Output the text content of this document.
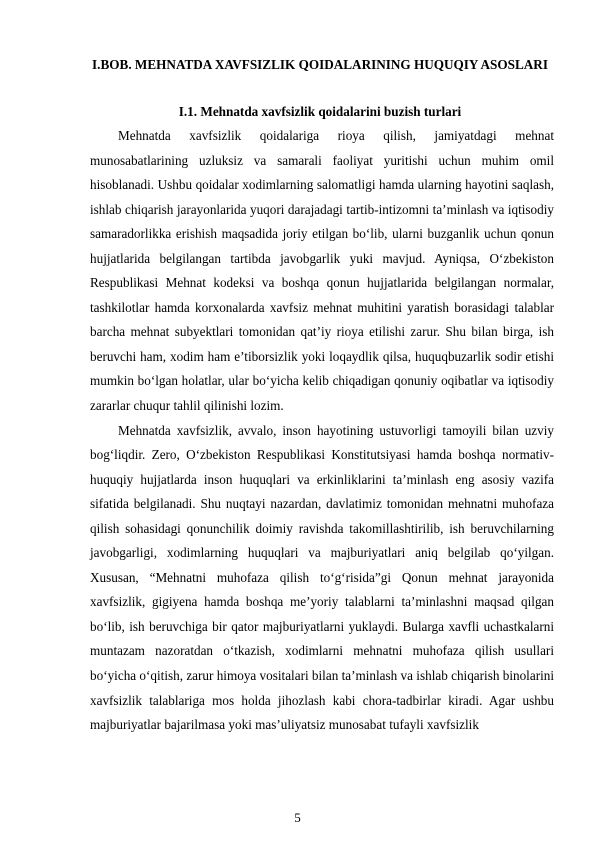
I.BOB. MEHNATDA XAVFSIZLIK QOIDALARINING HUQUQIY ASOSLARI
I.1. Mehnatda xavfsizlik qoidalarini buzish turlari

Mehnatda xavfsizlik qoidalariga rioya qilish, jamiyatdagi mehnat munosabatlarining uzluksiz va samarali faoliyat yuritishi uchun muhim omil hisoblanadi. Ushbu qoidalar xodimlarning salomatligi hamda ularning hayotini saqlash, ishlab chiqarish jarayonlarida yuqori darajadagi tartib-intizomni ta’minlash va iqtisodiy samaradorlikka erishish maqsadida joriy etilgan bo‘lib, ularni buzganlik uchun qonun hujjatlarida belgilangan tartibda javobgarlik yuki mavjud. Ayniqsa, O‘zbekiston Respublikasi Mehnat kodeksi va boshqa qonun hujjatlarida belgilangan normalar, tashkilotlar hamda korxonalarda xavfsiz mehnat muhitini yaratish borasidagi talablar barcha mehnat subyektlari tomonidan qat’iy rioya etilishi zarur. Shu bilan birga, ish beruvchi ham, xodim ham e’tiborsizlik yoki loqaydlik qilsa, huquqbuzarlik sodir etishi mumkin bo‘lgan holatlar, ular bo‘yicha kelib chiqadigan qonuniy oqibatlar va iqtisodiy zararlar chuqur tahlil qilinishi lozim.

Mehnatda xavfsizlik, avvalo, inson hayotining ustuvorligi tamoyili bilan uzviy bog‘liqdir. Zero, O‘zbekiston Respublikasi Konstitutsiyasi hamda boshqa normativ-huquqiy hujjatlarda inson huquqlari va erkinliklarini ta’minlash eng asosiy vazifa sifatida belgilanadi. Shu nuqtayi nazardan, davlatimiz tomonidan mehnatni muhofaza qilish sohasidagi qonunchilik doimiy ravishda takomillashtirilib, ish beruvchilarning javobgarligi, xodimlarning huquqlari va majburiyatlari aniq belgilab qo‘yilgan. Xususan, “Mehnatni muhofaza qilish to‘g‘risida”gi Qonun mehnat jarayonida xavfsizlik, gigiyena hamda boshqa me’yoriy talablarni ta’minlashni maqsad qilgan bo‘lib, ish beruvchiga bir qator majburiyatlarni yuklaydi. Bularga xavfli uchastkalarni muntazam nazoratdan o‘tkazish, xodimlarni mehnatni muhofaza qilish usullari bo‘yicha o‘qitish, zarur himoya vositalari bilan ta’minlash va ishlab chiqarish binolarini xavfsizlik talablariga mos holda jihozlash kabi chora-tadbirlar kiradi. Agar ushbu majburiyatlar bajarilmasa yoki mas’uliyatsiz munosabat tufayli xavfsizlik

5
